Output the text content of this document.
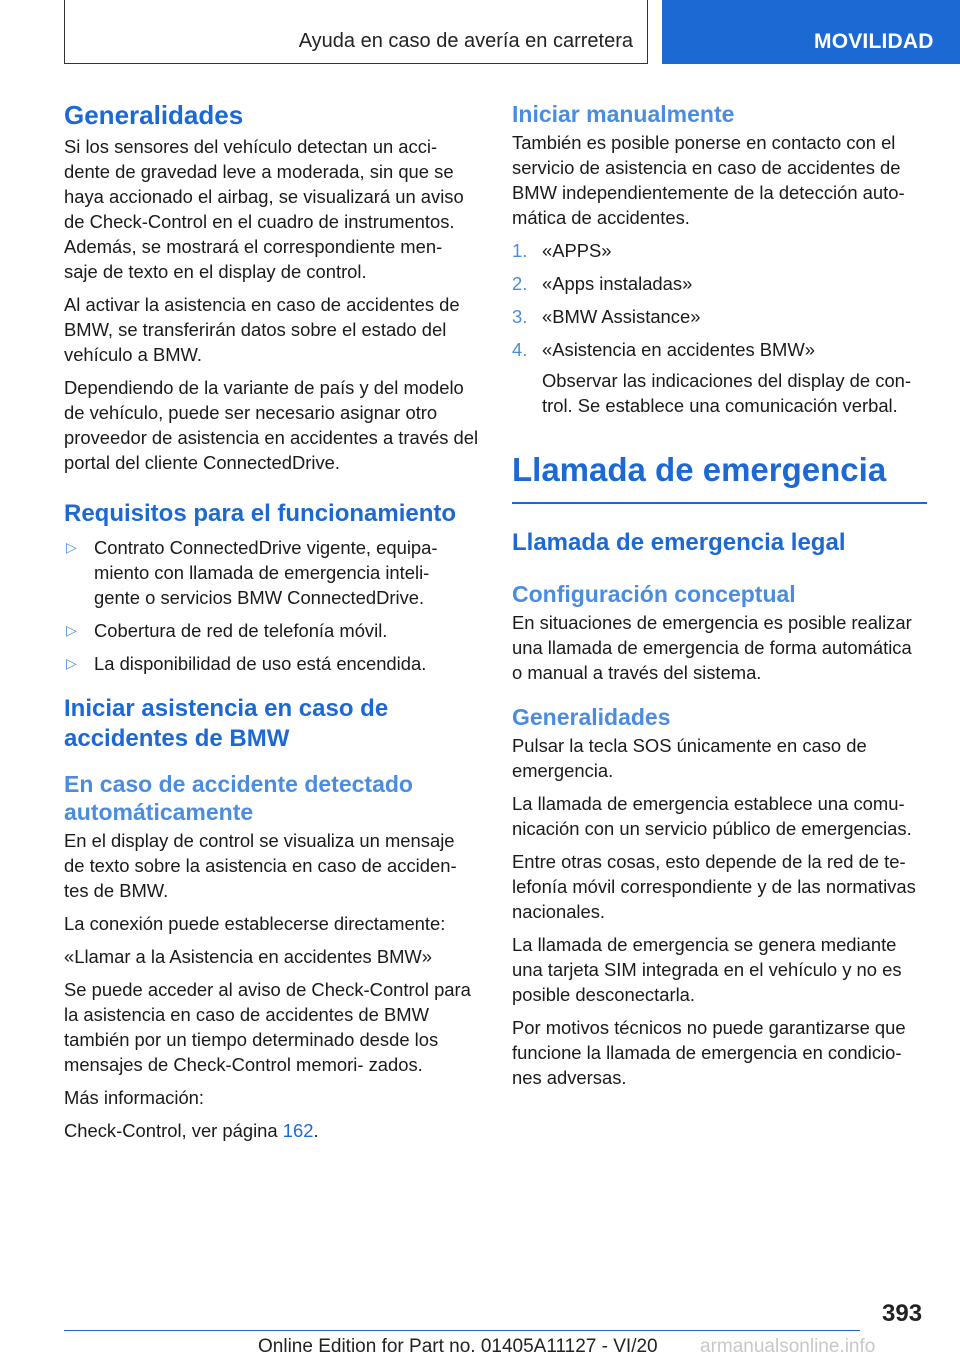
Ayuda en caso de avería en carretera	MOVILIDAD
Generalidades

Si los sensores del vehículo detectan un acci‐ dente de gravedad leve a moderada, sin que se haya accionado el airbag, se visualizará un aviso de Check-Control en el cuadro de instrumentos. Además, se mostrará el correspondiente men‐ saje de texto en el display de control.

Al activar la asistencia en caso de accidentes de BMW, se transferirán datos sobre el estado del vehículo a BMW.

Dependiendo de la variante de país y del modelo de vehículo, puede ser necesario asignar otro proveedor de asistencia en accidentes a través del portal del cliente ConnectedDrive.

Requisitos para el funcionamiento
▷ Contrato ConnectedDrive vigente, equipa‐ miento con llamada de emergencia inteli‐ gente o servicios BMW ConnectedDrive.
▷ Cobertura de red de telefonía móvil.
▷ La disponibilidad de uso está encendida.
Iniciar asistencia en caso de accidentes de BMW
En caso de accidente detectado automáticamente

En el display de control se visualiza un mensaje de texto sobre la asistencia en caso de acciden‐ tes de BMW.

La conexión puede establecerse directamente:

«Llamar a la Asistencia en accidentes BMW»

Se puede acceder al aviso de Check-Control para la asistencia en caso de accidentes de BMW también por un tiempo determinado desde los mensajes de Check-Control memori‐ zados.

Más información:

Check-Control, ver página 162.

Iniciar manualmente

También es posible ponerse en contacto con el servicio de asistencia en caso de accidentes de BMW independientemente de la detección auto‐ mática de accidentes.

1. «APPS»
2. «Apps instaladas»
3. «BMW Assistance»
4. «Asistencia en accidentes BMW»
Observar las indicaciones del display de con‐ trol. Se establece una comunicación verbal.
Llamada de emergencia
Llamada de emergencia legal
Configuración conceptual

En situaciones de emergencia es posible realizar una llamada de emergencia de forma automática o manual a través del sistema.

Generalidades

Pulsar la tecla SOS únicamente en caso de emergencia.

La llamada de emergencia establece una comu‐ nicación con un servicio público de emergencias.

Entre otras cosas, esto depende de la red de te‐ lefonía móvil correspondiente y de las normativas nacionales.

La llamada de emergencia se genera mediante una tarjeta SIM integrada en el vehículo y no es posible desconectarla.

Por motivos técnicos no puede garantizarse que funcione la llamada de emergencia en condicio‐ nes adversas.

393
Online Edition for Part no. 01405A11127 - VI/20 armanualsonline.info
